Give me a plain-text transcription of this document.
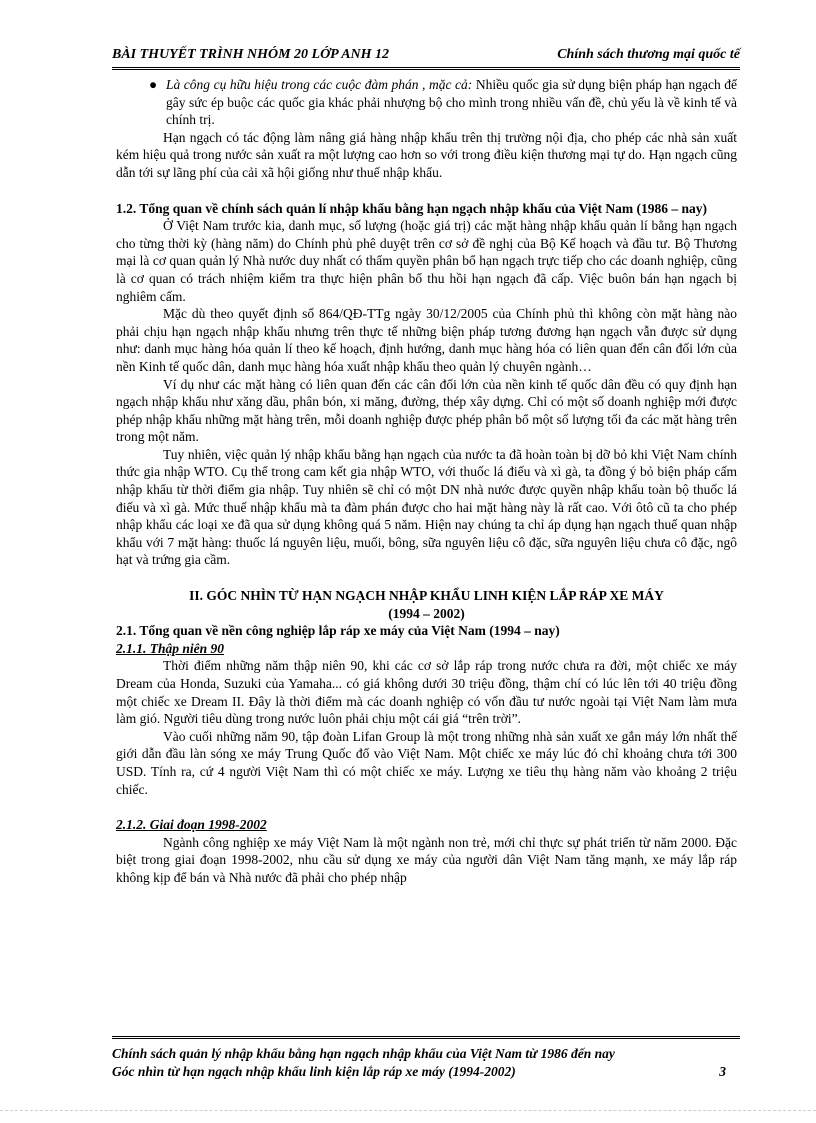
BÀI THUYẾT TRÌNH NHÓM 20 LỚP ANH 12	Chính sách thương mại quốc tế

● Là công cụ hữu hiệu trong các cuộc đàm phán , mặc cả: Nhiều quốc gia sử dụng biện pháp hạn ngạch để gây sức ép buộc các quốc gia khác phải nhượng bộ cho mình trong nhiều vấn đề, chủ yếu là về kinh tế và chính trị.

Hạn ngạch có tác động làm nâng giá hàng nhập khẩu trên thị trường nội địa, cho phép các nhà sản xuất kém hiệu quả trong nước sản xuất ra một lượng cao hơn so với trong điều kiện thương mại tự do. Hạn ngạch cũng dẫn tới sự lãng phí của cải xã hội giống như thuế nhập khẩu.

1.2. Tổng quan về chính sách quản lí nhập khẩu bằng hạn ngạch nhập khẩu của Việt Nam (1986 – nay)

Ở Việt Nam trước kia, danh mục, số lượng (hoặc giá trị) các mặt hàng nhập khẩu quản lí bằng hạn ngạch cho từng thời kỳ (hàng năm) do Chính phủ phê duyệt trên cơ sở đề nghị của Bộ Kế hoạch và đầu tư. Bộ Thương mại là cơ quan quản lý Nhà nước duy nhất có thẩm quyền phân bổ hạn ngạch trực tiếp cho các doanh nghiệp, cũng là cơ quan có trách nhiệm kiểm tra thực hiện phân bổ thu hồi hạn ngạch đã cấp. Việc buôn bán hạn ngạch bị nghiêm cấm.

Mặc dù theo quyết định số 864/QĐ-TTg ngày 30/12/2005 của Chính phủ thì không còn mặt hàng nào phải chịu hạn ngạch nhập khẩu nhưng trên thực tế những biện pháp tương đương hạn ngạch vẫn được sử dụng như: danh mục hàng hóa quản lí theo kế hoạch, định hướng, danh mục hàng hóa có liên quan đến cân đối lớn của nền Kinh tế quốc dân, danh mục hàng hóa xuất nhập khẩu theo quản lý chuyên ngành…

Ví dụ như các mặt hàng có liên quan đến các cân đối lớn của nền kinh tế quốc dân đều có quy định hạn ngạch nhập khẩu như xăng dầu, phân bón, xi măng, đường, thép xây dựng. Chỉ có một số doanh nghiệp mới được phép nhập khẩu những mặt hàng trên, mỗi doanh nghiệp được phép phân bổ một số lượng tối đa các mặt hàng trên trong một năm.

Tuy nhiên, việc quản lý nhập khẩu bằng hạn ngạch của nước ta đã hoàn toàn bị dỡ bỏ khi Việt Nam chính thức gia nhập WTO. Cụ thể trong cam kết gia nhập WTO, với thuốc lá điếu và xì gà, ta đồng ý bỏ biện pháp cấm nhập khẩu từ thời điểm gia nhập. Tuy nhiên sẽ chỉ có một DN nhà nước được quyền nhập khẩu toàn bộ thuốc lá điếu và xì gà. Mức thuế nhập khẩu mà ta đàm phán được cho hai mặt hàng này là rất cao. Với ôtô cũ ta cho phép nhập khẩu các loại xe đã qua sử dụng không quá 5 năm. Hiện nay chúng ta chỉ áp dụng hạn ngạch thuế quan nhập khẩu với 7 mặt hàng: thuốc lá nguyên liệu, muối, bông, sữa nguyên liệu cô đặc, sữa nguyên liệu chưa cô đặc, ngô hạt và trứng gia cầm.

II. GÓC NHÌN TỪ HẠN NGẠCH NHẬP KHẨU LINH KIỆN LẮP RÁP XE MÁY

(1994 – 2002)

2.1. Tổng quan về nền công nghiệp lắp ráp xe máy của Việt Nam (1994 – nay)

2.1.1. Thập niên 90

Thời điểm những năm thập niên 90, khi các cơ sở lắp ráp trong nước chưa ra đời, một chiếc xe máy Dream của Honda, Suzuki của Yamaha... có giá không dưới 30 triệu đồng, thậm chí có lúc lên tới 40 triệu đồng một chiếc xe Dream II. Đây là thời điểm mà các doanh nghiệp có vốn đầu tư nước ngoài tại Việt Nam làm mưa làm gió. Người tiêu dùng trong nước luôn phải chịu một cái giá “trên trời”.

Vào cuối những năm 90, tập đoàn Lifan Group là một trong những nhà sản xuất xe gắn máy lớn nhất thế giới dẫn đầu làn sóng xe máy Trung Quốc đổ vào Việt Nam. Một chiếc xe máy lúc đó chỉ khoảng chưa tới 300 USD. Tính ra, cứ 4 người Việt Nam thì có một chiếc xe máy. Lượng xe tiêu thụ hàng năm vào khoảng 2 triệu chiếc.

2.1.2. Giai đoạn 1998-2002

Ngành công nghiệp xe máy Việt Nam là một ngành non trẻ, mới chỉ thực sự phát triển từ năm 2000. Đặc biệt trong giai đoạn 1998-2002, nhu cầu sử dụng xe máy của người dân Việt Nam tăng mạnh, xe máy lắp ráp không kịp để bán và Nhà nước đã phải cho phép nhập

Chính sách quản lý nhập khẩu bằng hạn ngạch nhập khẩu của Việt Nam từ 1986 đến nay
Góc nhìn từ hạn ngạch nhập khẩu linh kiện lắp ráp xe máy (1994-2002)	3
